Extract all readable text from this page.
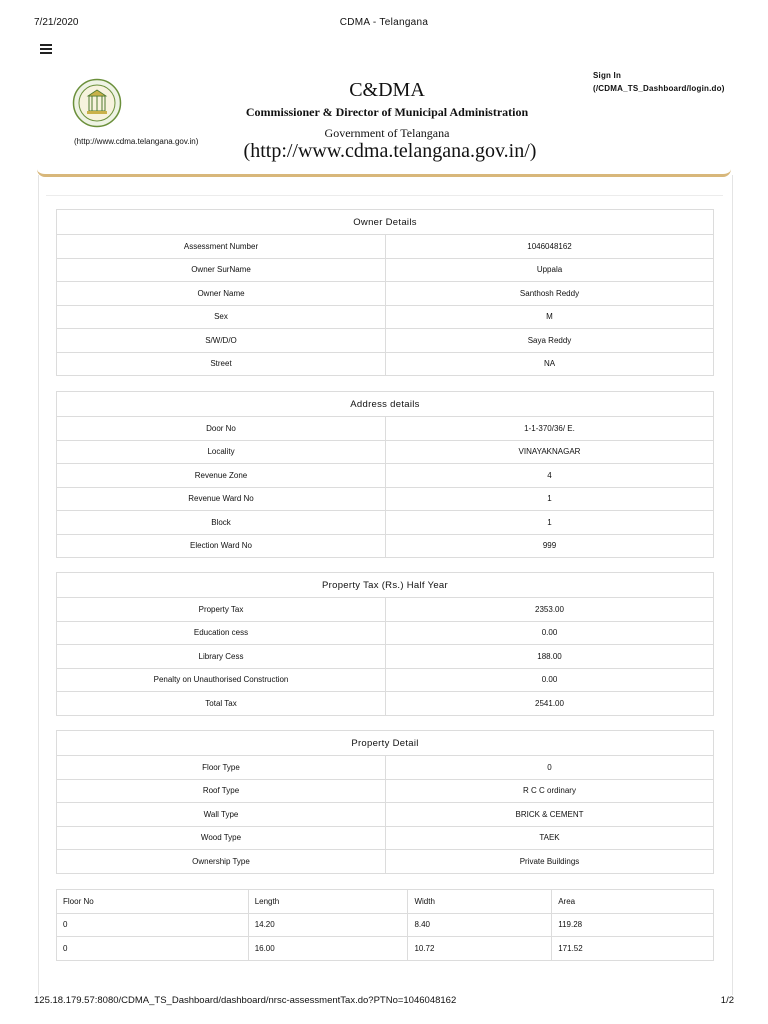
7/21/2020	CDMA - Telangana
(http://www.cdma.telangana.gov.in)
C&DMA
Commissioner & Director of Municipal Administration
Government of Telangana
(http://www.cdma.telangana.gov.in/)
Sign In
(/CDMA_TS_Dashboard/login.do)
Owner Details	
Assessment Number	1046048162
Owner SurName	Uppala
Owner Name	Santhosh Reddy
Sex	M
S/W/D/O	Saya Reddy
Street	NA
Address details	
Door No	1-1-370/36/ E.
Locality	VINAYAKNAGAR
Revenue Zone	4
Revenue Ward No	1
Block	1
Election Ward No	999
Property Tax (Rs.) Half Year	
Property Tax	2353.00
Education cess	0.00
Library Cess	188.00
Penalty on Unauthorised Construction	0.00
Total Tax	2541.00
Property Detail	
Floor Type	0
Roof Type	R C C ordinary
Wall Type	BRICK & CEMENT
Wood Type	TAEK
Ownership Type	Private Buildings
Floor No	Length	Width	Area
0	14.20	8.40	119.28
0	16.00	10.72	171.52
125.18.179.57:8080/CDMA_TS_Dashboard/dashboard/nrsc-assessmentTax.do?PTNo=1046048162	1/2
